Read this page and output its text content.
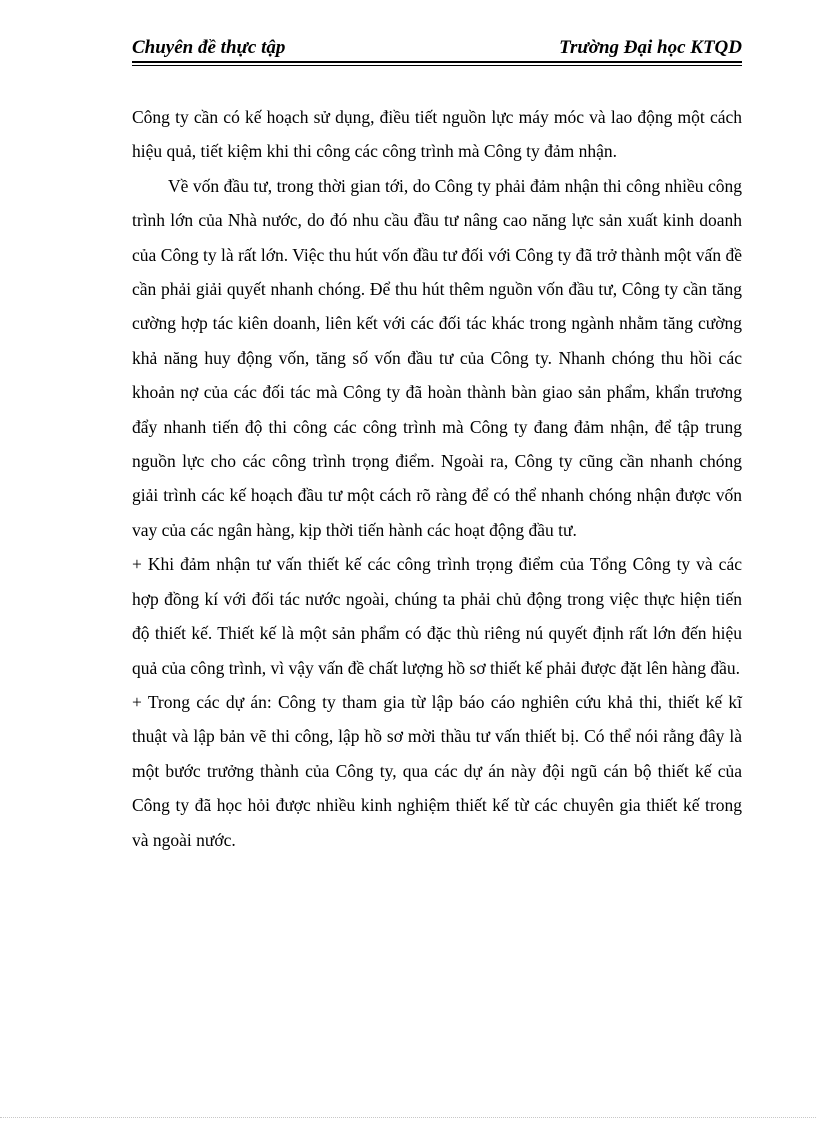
Chuyên đề thực tập	Trường Đại học KTQD

Công ty cần có kế hoạch sử dụng, điều tiết nguồn lực máy móc và lao động một cách hiệu quả, tiết kiệm khi thi công các công trình mà Công ty đảm nhận.

Về vốn đầu tư, trong thời gian tới, do Công ty phải đảm nhận thi công nhiều công trình lớn của Nhà nước, do đó nhu cầu đầu tư nâng cao năng lực sản xuất kinh doanh của Công ty là rất lớn. Việc thu hút vốn đầu tư đối với Công ty đã trở thành một vấn đề cần phải giải quyết nhanh chóng. Để thu hút thêm nguồn vốn đầu tư, Công ty cần tăng cường hợp tác kiên doanh, liên kết với các đối tác khác trong ngành nhằm tăng cường khả năng huy động vốn, tăng số vốn đầu tư của Công ty. Nhanh chóng thu hồi các khoản nợ của các đối tác mà Công ty đã hoàn thành bàn giao sản phẩm, khẩn trương đẩy nhanh tiến độ thi công các công trình mà Công ty đang đảm nhận, để tập trung nguồn lực cho các công trình trọng điểm. Ngoài ra, Công ty cũng cần nhanh chóng giải trình các kế hoạch đầu tư một cách rõ ràng để có thể nhanh chóng nhận được vốn vay của các ngân hàng, kịp thời tiến hành các hoạt động đầu tư.

+ Khi đảm nhận tư vấn thiết kế các công trình trọng điểm của Tổng Công ty và các hợp đồng kí với đối tác nước ngoài, chúng ta phải chủ động trong việc thực hiện tiến độ thiết kế. Thiết kế là một sản phẩm có đặc thù riêng nú quyết định rất lớn đến hiệu quả của công trình, vì vậy vấn đề chất lượng hồ sơ thiết kế phải được đặt lên hàng đầu.

+ Trong các dự án: Công ty tham gia từ lập báo cáo nghiên cứu khả thi, thiết kế kĩ thuật và lập bản vẽ thi công, lập hồ sơ mời thầu tư vấn thiết bị. Có thể nói rằng đây là một bước trưởng thành của Công ty, qua các dự án này đội ngũ cán bộ thiết kế của Công ty đã học hỏi được nhiều kinh nghiệm thiết kế từ các chuyên gia thiết kế trong và ngoài nước.
